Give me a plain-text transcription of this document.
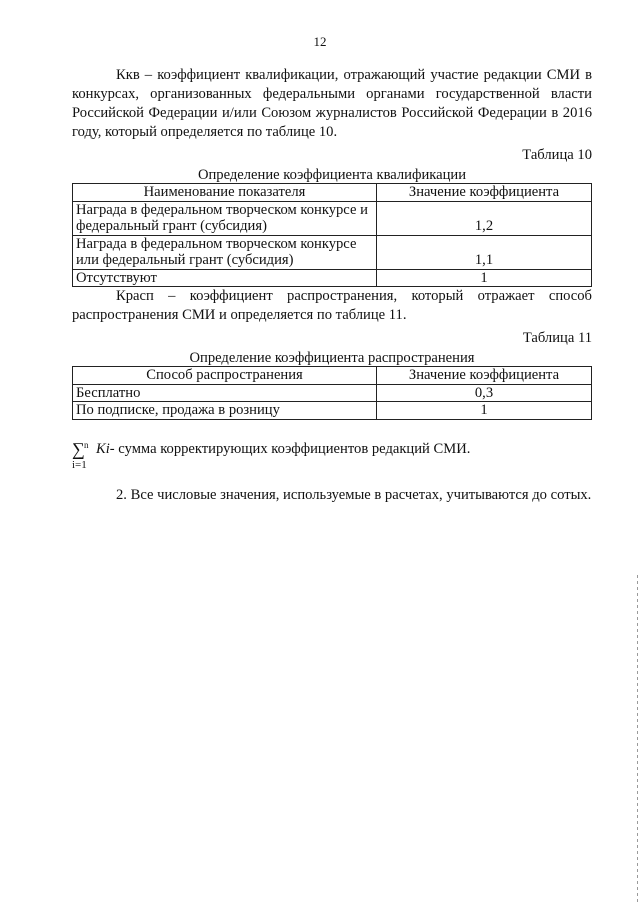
12

Ккв – коэффициент квалификации, отражающий участие редакции СМИ в конкурсах, организованных федеральными органами государственной власти Российской Федерации и/или Союзом журналистов Российской Федерации в 2016 году, который определяется по таблице 10.

Таблица 10

Определение коэффициента квалификации

Наименование показателя	Значение коэффициента
Награда в федеральном творческом конкурсе и федеральный грант (субсидия)	1,2
Награда в федеральном творческом конкурсе или федеральный грант (субсидия)	1,1
Отсутствуют	1

Красп – коэффициент распространения, который отражает способ распространения СМИ и определяется по таблице 11.

Таблица 11

Определение коэффициента распространения

Способ распространения	Значение коэффициента
Бесплатно	0,3
По подписке, продажа в розницу	1
∑ n
i=1
Ki - сумма корректирующих коэффициентов редакций СМИ.

2. Все числовые значения, используемые в расчетах, учитываются до сотых.
